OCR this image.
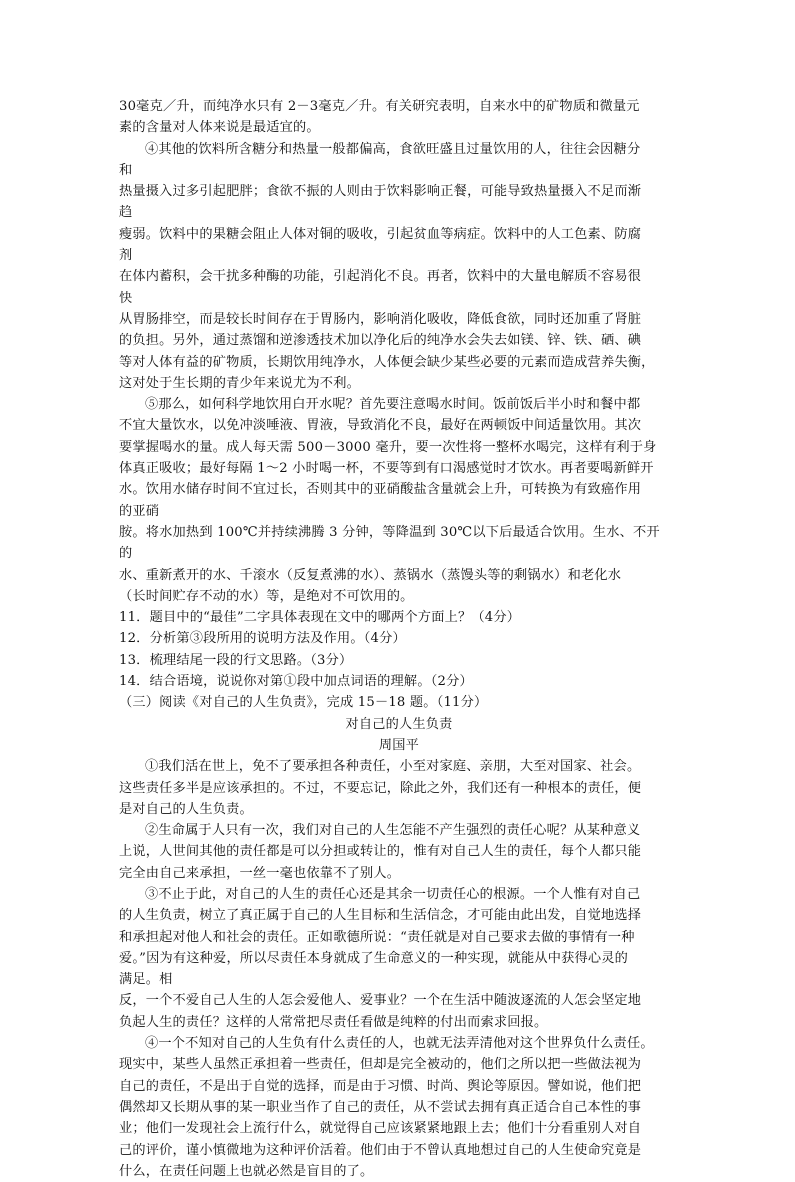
30毫克／升，而纯净水只有 2－3毫克／升。有关研究表明，自来水中的矿物质和微量元
素的含量对人体来说是最适宜的。
④其他的饮料所含糖分和热量一般都偏高，食欲旺盛且过量饮用的人，往往会因糖分
和
热量摄入过多引起肥胖；食欲不振的人则由于饮料影响正餐，可能导致热量摄入不足而渐
趋
瘦弱。饮料中的果糖会阻止人体对铜的吸收，引起贫血等病症。饮料中的人工色素、防腐
剂
在体内蓄积，会干扰多种酶的功能，引起消化不良。再者，饮料中的大量电解质不容易很
快
从胃肠排空，而是较长时间存在于胃肠内，影响消化吸收，降低食欲，同时还加重了肾脏
的负担。另外，通过蒸馏和逆渗透技术加以净化后的纯净水会失去如镁、锌、铁、硒、碘
等对人体有益的矿物质，长期饮用纯净水，人体便会缺少某些必要的元素而造成营养失衡，
这对处于生长期的青少年来说尤为不利。
⑤那么，如何科学地饮用白开水呢？首先要注意喝水时间。饭前饭后半小时和餐中都
不宜大量饮水，以免冲淡唾液、胃液，导致消化不良，最好在两顿饭中间适量饮用。其次
要掌握喝水的量。成人每天需 500－3000 毫升，要一次性将一整杯水喝完，这样有利于身
体真正吸收；最好每隔 1～2 小时喝一杯，不要等到有口渴感觉时才饮水。再者要喝新鲜开
水。饮用水储存时间不宜过长，否则其中的亚硝酸盐含量就会上升，可转换为有致癌作用
的亚硝
胺。将水加热到 100℃并持续沸腾 3 分钟，等降温到 30℃以下后最适合饮用。生水、不开
的
水、重新煮开的水、千滚水（反复煮沸的水）、蒸锅水（蒸馒头等的剩锅水）和老化水
（长时间贮存不动的水）等，是绝对不可饮用的。
11．题目中的“最佳”二字具体表现在文中的哪两个方面上？（4分）
12．分析第③段所用的说明方法及作用。（4分）
13．梳理结尾一段的行文思路。（3分）
14．结合语境，说说你对第①段中加点词语的理解。（2分）
（三）阅读《对自己的人生负责》，完成 15－18 题。（11分）
对自己的人生负责
周国平
①我们活在世上，免不了要承担各种责任，小至对家庭、亲朋，大至对国家、社会。
这些责任多半是应该承担的。不过，不要忘记，除此之外，我们还有一种根本的责任，便
是对自己的人生负责。
②生命属于人只有一次，我们对自己的人生怎能不产生强烈的责任心呢？从某种意义
上说，人世间其他的责任都是可以分担或转让的，惟有对自己人生的责任，每个人都只能
完全由自己来承担，一丝一毫也依靠不了别人。
③不止于此，对自己的人生的责任心还是其余一切责任心的根源。一个人惟有对自己
的人生负责，树立了真正属于自己的人生目标和生活信念，才可能由此出发，自觉地选择
和承担起对他人和社会的责任。正如歌德所说：“责任就是对自己要求去做的事情有一种
爱。”因为有这种爱，所以尽责任本身就成了生命意义的一种实现，就能从中获得心灵的
满足。相
反，一个不爱自己人生的人怎会爱他人、爱事业？一个在生活中随波逐流的人怎会坚定地
负起人生的责任？这样的人常常把尽责任看做是纯粹的付出而索求回报。
④一个不知对自己的人生负有什么责任的人，也就无法弄清他对这个世界负什么责任。
现实中，某些人虽然正承担着一些责任，但却是完全被动的，他们之所以把一些做法视为
自己的责任，不是出于自觉的选择，而是由于习惯、时尚、舆论等原因。譬如说，他们把
偶然却又长期从事的某一职业当作了自己的责任，从不尝试去拥有真正适合自己本性的事
业；他们一发现社会上流行什么，就觉得自己应该紧紧地跟上去；他们十分看重别人对自
己的评价，谨小慎微地为这种评价活着。他们由于不曾认真地想过自己的人生使命究竟是
什么，在责任问题上也就必然是盲目的了。
